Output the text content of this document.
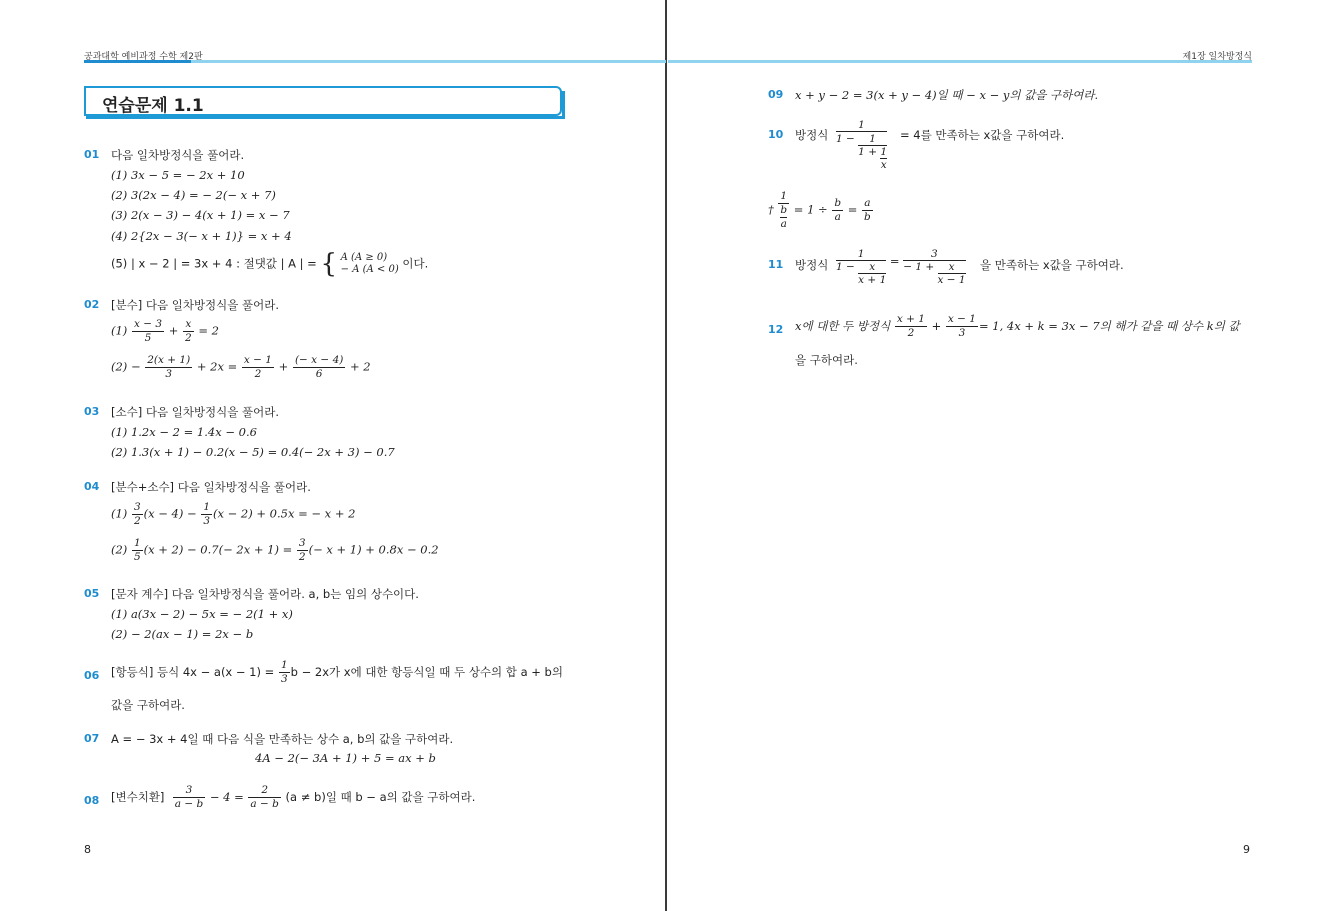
공과대학 예비과정 수학 제2판	제1장 일차방정식
연습문제 1.1
01 다음 일차방정식을 풀어라.
(1) 3x − 5 = − 2x + 10
(2) 3(2x − 4) = − 2(− x + 7)
(3) 2(x − 3) − 4(x + 1) = x − 7
(4) 2{2x − 3(− x + 1)} = x + 4
(5) | x − 2 | = 3x + 4 : 절댓값 | A | = { A (A ≥ 0)
− A (A < 0) 이다.
02 [분수] 다음 일차방정식을 풀어라.
$(1) \frac{x - 3}{5} + \frac{x}{2} = 2$
$(2) - \frac{2(x + 1)}{3} + 2x = \frac{x - 1}{2} + \frac{(- x - 4)}{6} + 2$
03 [소수] 다음 일차방정식을 풀어라.
(1) 1.2x − 2 = 1.4x − 0.6
(2) 1.3(x + 1) − 0.2(x − 5) = 0.4(− 2x + 3) − 0.7
04 [분수+소수] 다음 일차방정식을 풀어라.
$(1) \frac{3}{2} (x - 4) - \frac{1}{3} (x - 2) + 0.5x$ = − x + 2
$(2) \frac{1}{5} (x + 2) - 0.7(- 2x + 1) = \frac{3}{2}$ (− x + 1) + 0.8x − 0.2
05 [문자 계수] 다음 일차방정식을 풀어라. a, b는 임의 상수이다.
(1) a(3x − 2) − 5x = − 2(1 + x)
(2) − 2(ax − 1) = 2x − b
06 [항등식] 등식 $4x - a(x - 1) = \frac{1}{3}$ b − 2x가 x에 대한 항등식일 때 두 상수의 합 a + b의
값을 구하여라.
07 A = − 3x + 4일 때 다음 식을 만족하는 상수 a, b의 값을 구하여라.
4A − 2(− 3A + 1) + 5 = ax + b
08 [변수치환] $\frac{3}{a - b} - 4 = \frac{2}{a - b} (a \ne b)$일 때 b − a의 값을 구하여라.
8
09 x + y − 2 = 3(x + y − 4)일 때 − x − y의 값을 구하여라.
10 방정식 $\frac{1}{1 - \frac{1}{1 + \frac{1}{x}}} = 4$를 만족하는 x값을 구하여라.
† 1
b
$a = 1 \div \frac{b}{a} = \frac{a}{b}$
11 방정식 $\frac{1}{1 - \frac{x}{x + 1}} = \frac{3}{- 1 + \frac{x}{x - 1}}$ 을 만족하는 x값을 구하여라.
12 x에 대한 두 방정식 $\frac{x + 1}{2} + \frac{x - 1}{3} = 1$, 4x + k = 3x − 7의 해가 같을 때 상수 k의 값
을 구하여라.
9
